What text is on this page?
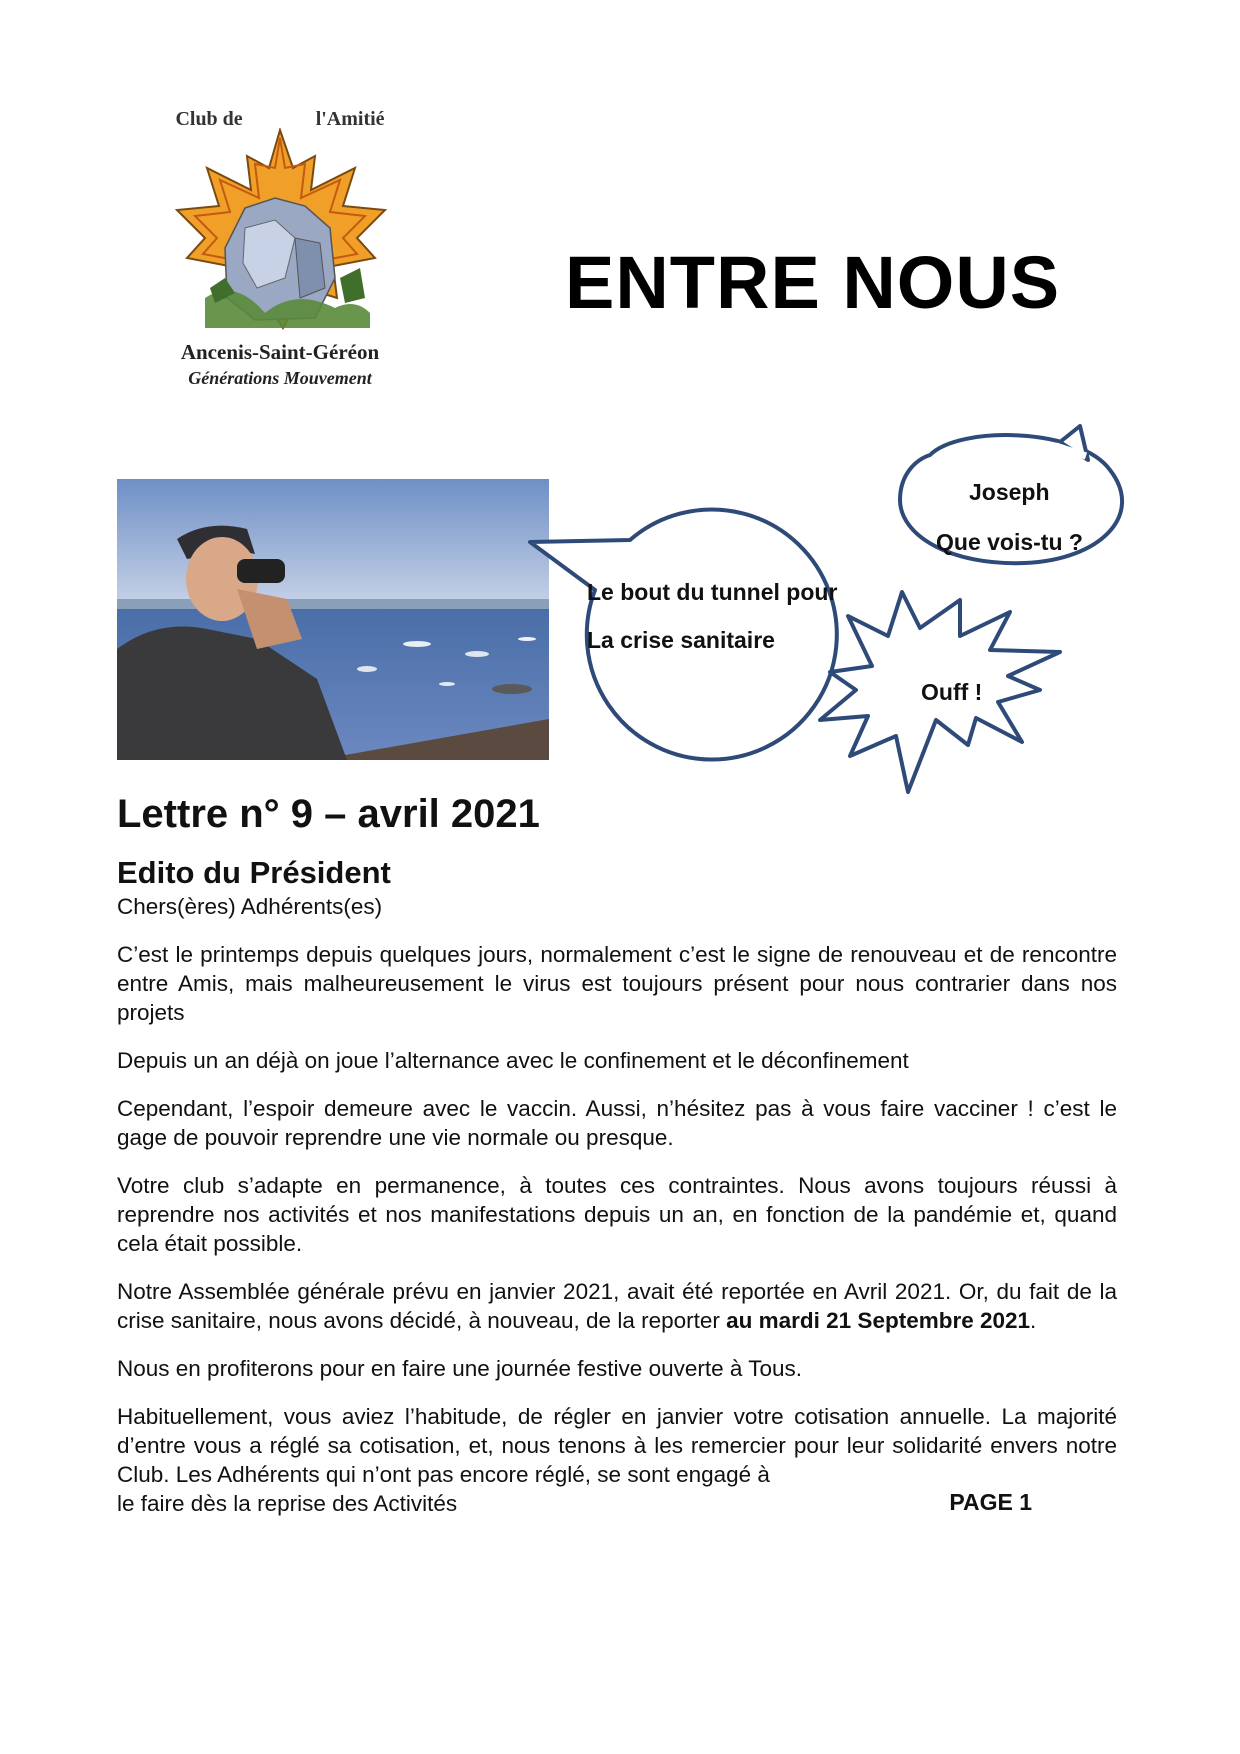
Club de	l'Amitié
Ancenis-Saint-Géréon
Générations Mouvement
ENTRE NOUS
Joseph
Que vois-tu ?
Le bout du tunnel pour
La crise sanitaire
Ouff !
Lettre n° 9 – avril 2021
Edito du Président

Chers(ères) Adhérents(es)

C’est le printemps depuis quelques jours, normalement c’est le signe de renouveau et de rencontre entre Amis, mais malheureusement le virus est toujours présent pour nous contrarier dans nos projets

Depuis un an déjà on joue l’alternance avec le confinement et le déconfinement

Cependant, l’espoir demeure avec le vaccin. Aussi, n’hésitez pas à vous faire vacciner ! c’est le gage de pouvoir reprendre une vie normale ou presque.

Votre club s’adapte en permanence, à toutes ces contraintes. Nous avons toujours réussi à reprendre nos activités et nos manifestations depuis un an, en fonction de la pandémie et, quand cela était possible.

Notre Assemblée générale prévu en janvier 2021, avait été reportée en Avril 2021. Or, du fait de la crise sanitaire, nous avons décidé, à nouveau, de la reporter au mardi 21 Septembre 2021.

Nous en profiterons pour en faire une journée festive ouverte à Tous.

Habituellement, vous aviez l’habitude, de régler en janvier votre cotisation annuelle. La majorité d’entre vous a réglé sa cotisation, et, nous tenons à les remercier pour leur solidarité envers notre Club. Les Adhérents qui n’ont pas encore réglé, se sont engagé à

le faire dès la reprise des Activités	PAGE 1
